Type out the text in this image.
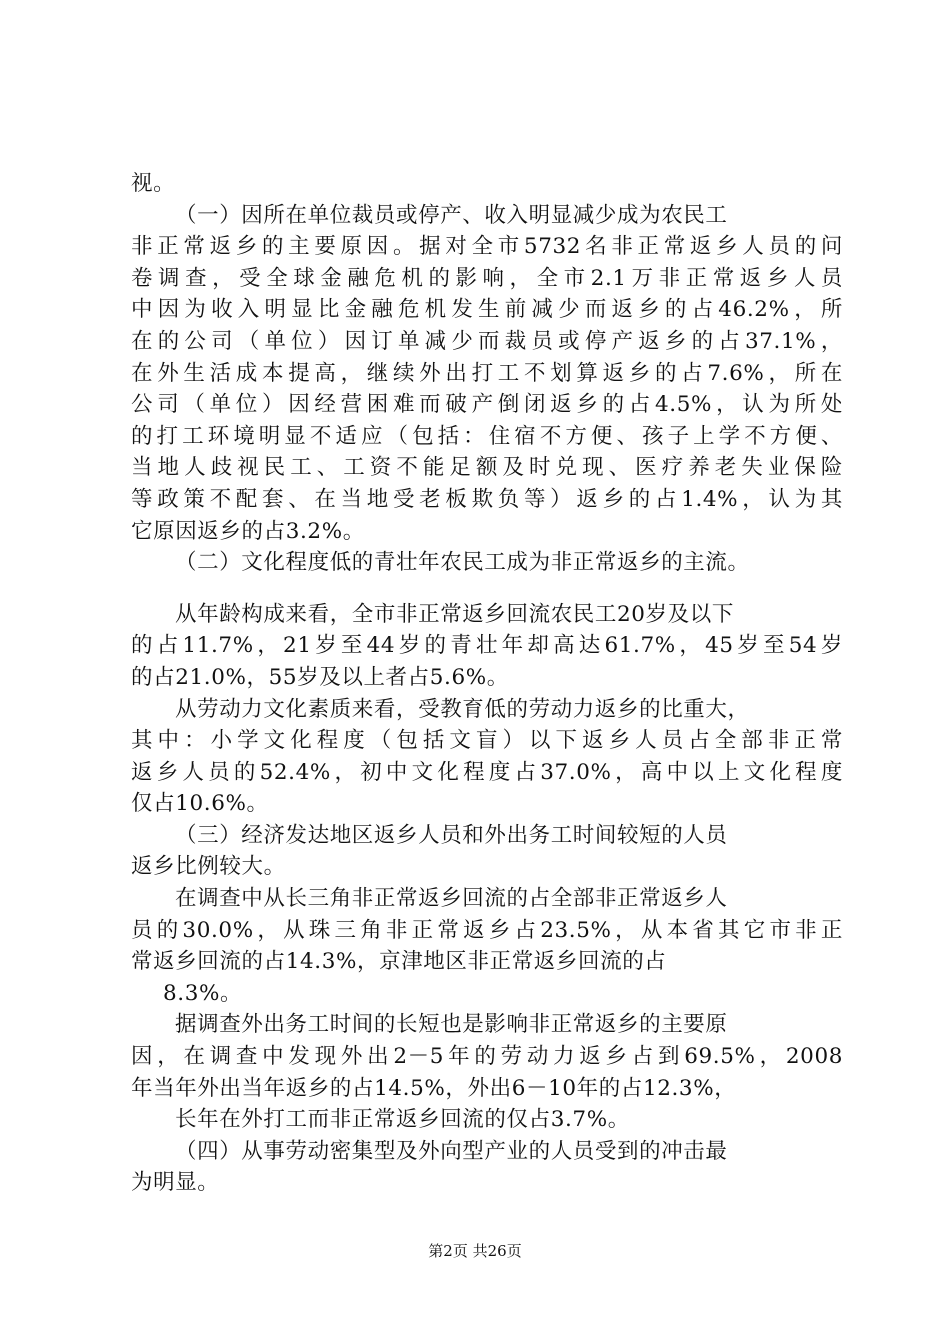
视。
（一）因所在单位裁员或停产、收入明显减少成为农民工
非正常返乡的主要原因。据对全市5732名非正常返乡人员的问
卷调查，受全球金融危机的影响，全市2.1万非正常返乡人员
中因为收入明显比金融危机发生前减少而返乡的占46.2%，所
在的公司（单位）因订单减少而裁员或停产返乡的占37.1%，
在外生活成本提高，继续外出打工不划算返乡的占7.6%，所在
公司（单位）因经营困难而破产倒闭返乡的占4.5%，认为所处
的打工环境明显不适应（包括：住宿不方便、孩子上学不方便、
当地人歧视民工、工资不能足额及时兑现、医疗养老失业保险
等政策不配套、在当地受老板欺负等）返乡的占1.4%，认为其
它原因返乡的占3.2%。
（二）文化程度低的青壮年农民工成为非正常返乡的主流。
从年龄构成来看，全市非正常返乡回流农民工20岁及以下
的占11.7%，21岁至44岁的青壮年却高达61.7%，45岁至54岁
的占21.0%，55岁及以上者占5.6%。
从劳动力文化素质来看，受教育低的劳动力返乡的比重大，
其中：小学文化程度（包括文盲）以下返乡人员占全部非正常
返乡人员的52.4%，初中文化程度占37.0%，高中以上文化程度
仅占10.6%。
（三）经济发达地区返乡人员和外出务工时间较短的人员
返乡比例较大。
在调查中从长三角非正常返乡回流的占全部非正常返乡人
员的30.0%，从珠三角非正常返乡占23.5%，从本省其它市非正
常返乡回流的占14.3%，京津地区非正常返乡回流的占
8.3%。
据调查外出务工时间的长短也是影响非正常返乡的主要原
因，在调查中发现外出2－5年的劳动力返乡占到69.5%，2008
年当年外出当年返乡的占14.5%，外出6－10年的占12.3%，
长年在外打工而非正常返乡回流的仅占3.7%。
（四）从事劳动密集型及外向型产业的人员受到的冲击最
为明显。
第2页 共26页
